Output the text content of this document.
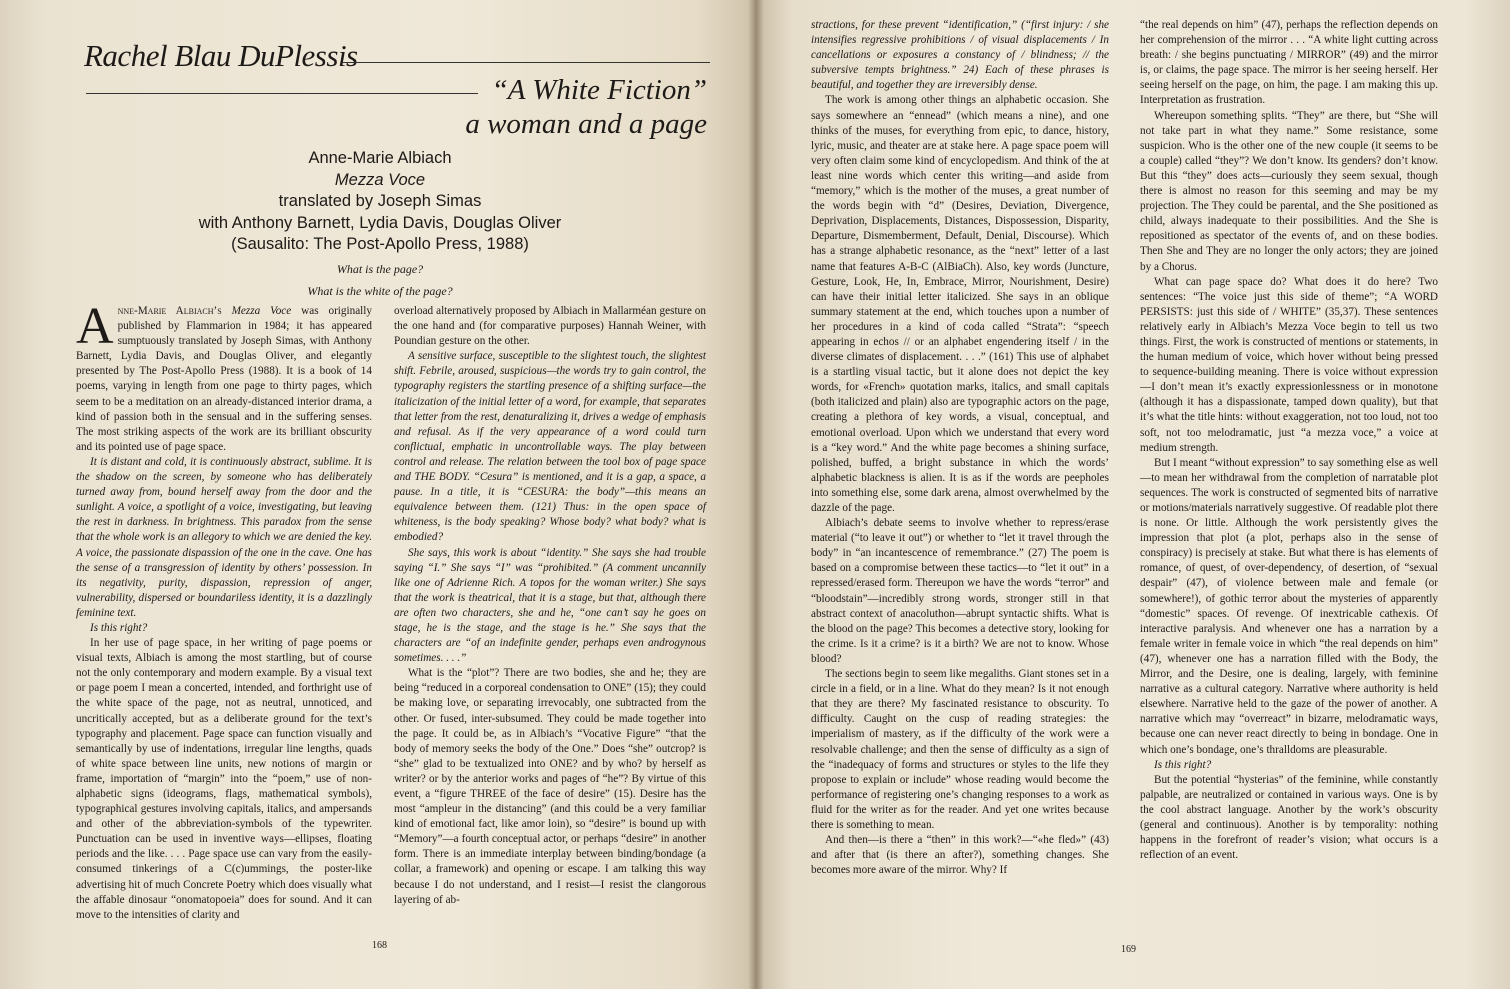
Rachel Blau DuPlessis
“A White Fiction”
a woman and a page
Anne-Marie Albiach
Mezza Voce
translated by Joseph Simas
with Anthony Barnett, Lydia Davis, Douglas Oliver
(Sausalito: The Post-Apollo Press, 1988)
What is the page?
What is the white of the page?

Anne-Marie Albiach’s Mezza Voce was originally published by Flammarion in 1984; it has appeared sumptuously translated by Joseph Simas, with Anthony Barnett, Lydia Davis, and Douglas Oliver, and elegantly presented by The Post-Apollo Press (1988). It is a book of 14 poems, varying in length from one page to thirty pages, which seem to be a meditation on an already-distanced interior drama, a kind of passion both in the sensual and in the suffering senses. The most striking aspects of the work are its brilliant obscurity and its pointed use of page space.

It is distant and cold, it is continuously abstract, sublime. It is the shadow on the screen, by someone who has deliberately turned away from, bound herself away from the door and the sunlight. A voice, a spotlight of a voice, investigating, but leaving the rest in darkness. In brightness. This paradox from the sense that the whole work is an allegory to which we are denied the key. A voice, the passionate dispassion of the one in the cave. One has the sense of a transgression of identity by others’ possession. In its negativity, purity, dispassion, repression of anger, vulnerability, dispersed or boundariless identity, it is a dazzlingly feminine text.

Is this right?

In her use of page space, in her writing of page poems or visual texts, Albiach is among the most startling, but of course not the only contemporary and modern example. By a visual text or page poem I mean a concerted, intended, and forthright use of the white space of the page, not as neutral, unnoticed, and uncritically accepted, but as a deliberate ground for the text’s typography and placement. Page space can function visually and semantically by use of indentations, irregular line lengths, quads of white space between line units, new notions of margin or frame, importation of “margin” into the “poem,” use of non-alphabetic signs (ideograms, flags, mathematical symbols), typographical gestures involving capitals, italics, and ampersands and other of the abbreviation-symbols of the typewriter. Punctuation can be used in inventive ways—ellipses, floating periods and the like. . . . Page space use can vary from the easily-consumed tinkerings of a C(c)ummings, the poster-like advertising hit of much Concrete Poetry which does visually what the affable dinosaur “onomatopoeia” does for sound. And it can move to the intensities of clarity and

overload alternatively proposed by Albiach in Mallarméan gesture on the one hand and (for comparative purposes) Hannah Weiner, with Poundian gesture on the other.

A sensitive surface, susceptible to the slightest touch, the slightest shift. Febrile, aroused, suspicious—the words try to gain control, the typography registers the startling presence of a shifting surface—the italicization of the initial letter of a word, for example, that separates that letter from the rest, denaturalizing it, drives a wedge of emphasis and refusal. As if the very appearance of a word could turn conflictual, emphatic in uncontrollable ways. The play between control and release. The relation between the tool box of page space and THE BODY. “Cesura” is mentioned, and it is a gap, a space, a pause. In a title, it is “CESURA: the body”—this means an equivalence between them. (121) Thus: in the open space of whiteness, is the body speaking? Whose body? what body? what is embodied?

She says, this work is about “identity.” She says she had trouble saying “I.” She says “I” was “prohibited.” (A comment uncannily like one of Adrienne Rich. A topos for the woman writer.) She says that the work is theatrical, that it is a stage, but that, although there are often two characters, she and he, “one can’t say he goes on stage, he is the stage, and the stage is he.” She says that the characters are “of an indefinite gender, perhaps even androgynous sometimes. . . .”

What is the “plot”? There are two bodies, she and he; they are being “reduced in a corporeal condensation to ONE” (15); they could be making love, or separating irrevocably, one subtracted from the other. Or fused, inter-subsumed. They could be made together into the page. It could be, as in Albiach’s “Vocative Figure” “that the body of memory seeks the body of the One.” Does “she” outcrop? is “she” glad to be textualized into ONE? and by who? by herself as writer? or by the anterior works and pages of “he”? By virtue of this event, a “figure THREE of the face of desire” (15). Desire has the most “ampleur in the distancing” (and this could be a very familiar kind of emotional fact, like amor loin), so “desire” is bound up with “Memory”—a fourth conceptual actor, or perhaps “desire” in another form. There is an immediate interplay between binding/bondage (a collar, a framework) and opening or escape. I am talking this way because I do not understand, and I resist—I resist the clangorous layering of ab-

168

stractions, for these prevent “identification,” (“first injury: / she intensifies regressive prohibitions / of visual displacements / In cancellations or exposures a constancy of / blindness; // the subversive tempts brightness.” 24) Each of these phrases is beautiful, and together they are irreversibly dense.

The work is among other things an alphabetic occasion. She says somewhere an “ennead” (which means a nine), and one thinks of the muses, for everything from epic, to dance, history, lyric, music, and theater are at stake here. A page space poem will very often claim some kind of encyclopedism. And think of the at least nine words which center this writing—and aside from “memory,” which is the mother of the muses, a great number of the words begin with “d” (Desires, Deviation, Divergence, Deprivation, Displacements, Distances, Dispossession, Disparity, Departure, Dismemberment, Default, Denial, Discourse). Which has a strange alphabetic resonance, as the “next” letter of a last name that features A-B-C (AlBiaCh). Also, key words (Juncture, Gesture, Look, He, In, Embrace, Mirror, Nourishment, Desire) can have their initial letter italicized. She says in an oblique summary statement at the end, which touches upon a number of her procedures in a kind of coda called “Strata”: “speech appearing in echos // or an alphabet engendering itself / in the diverse climates of displacement. . . .” (161) This use of alphabet is a startling visual tactic, but it alone does not depict the key words, for «French» quotation marks, italics, and small capitals (both italicized and plain) also are typographic actors on the page, creating a plethora of key words, a visual, conceptual, and emotional overload. Upon which we understand that every word is a “key word.” And the white page becomes a shining surface, polished, buffed, a bright substance in which the words’ alphabetic blackness is alien. It is as if the words are peepholes into something else, some dark arena, almost overwhelmed by the dazzle of the page.

Albiach’s debate seems to involve whether to repress/erase material (“to leave it out”) or whether to “let it travel through the body” in “an incantescence of remembrance.” (27) The poem is based on a compromise between these tactics—to “let it out” in a repressed/erased form. Thereupon we have the words “terror” and “bloodstain”—incredibly strong words, stronger still in that abstract context of anacoluthon—abrupt syntactic shifts. What is the blood on the page? This becomes a detective story, looking for the crime. Is it a crime? is it a birth? We are not to know. Whose blood?

The sections begin to seem like megaliths. Giant stones set in a circle in a field, or in a line. What do they mean? Is it not enough that they are there? My fascinated resistance to obscurity. To difficulty. Caught on the cusp of reading strategies: the imperialism of mastery, as if the difficulty of the work were a resolvable challenge; and then the sense of difficulty as a sign of the “inadequacy of forms and structures or styles to the life they propose to explain or include” whose reading would become the performance of registering one’s changing responses to a work as fluid for the writer as for the reader. And yet one writes because there is something to mean.

And then—is there a “then” in this work?—“«he fled»” (43) and after that (is there an after?), something changes. She becomes more aware of the mirror. Why? If

“the real depends on him” (47), perhaps the reflection depends on her comprehension of the mirror . . . “A white light cutting across breath: / she begins punctuating / MIRROR” (49) and the mirror is, or claims, the page space. The mirror is her seeing herself. Her seeing herself on the page, on him, the page. I am making this up. Interpretation as frustration.

Whereupon something splits. “They” are there, but “She will not take part in what they name.” Some resistance, some suspicion. Who is the other one of the new couple (it seems to be a couple) called “they”? We don’t know. Its genders? don’t know. But this “they” does acts—curiously they seem sexual, though there is almost no reason for this seeming and may be my projection. The They could be parental, and the She positioned as child, always inadequate to their possibilities. And the She is repositioned as spectator of the events of, and on these bodies. Then She and They are no longer the only actors; they are joined by a Chorus.

What can page space do? What does it do here? Two sentences: “The voice just this side of theme”; “A WORD PERSISTS: just this side of / WHITE” (35,37). These sentences relatively early in Albiach’s Mezza Voce begin to tell us two things. First, the work is constructed of mentions or statements, in the human medium of voice, which hover without being pressed to sequence-building meaning. There is voice without expression—I don’t mean it’s exactly expressionlessness or in monotone (although it has a dispassionate, tamped down quality), but that it’s what the title hints: without exaggeration, not too loud, not too soft, not too melodramatic, just “a mezza voce,” a voice at medium strength.

But I meant “without expression” to say something else as well—to mean her withdrawal from the completion of narratable plot sequences. The work is constructed of segmented bits of narrative or motions/materials narratively suggestive. Of readable plot there is none. Or little. Although the work persistently gives the impression that plot (a plot, perhaps also in the sense of conspiracy) is precisely at stake. But what there is has elements of romance, of quest, of over-dependency, of desertion, of “sexual despair” (47), of violence between male and female (or somewhere!), of gothic terror about the mysteries of apparently “domestic” spaces. Of revenge. Of inextricable cathexis. Of interactive paralysis. And whenever one has a narration by a female writer in female voice in which “the real depends on him” (47), whenever one has a narration filled with the Body, the Mirror, and the Desire, one is dealing, largely, with feminine narrative as a cultural category. Narrative where authority is held elsewhere. Narrative held to the gaze of the power of another. A narrative which may “overreact” in bizarre, melodramatic ways, because one can never react directly to being in bondage. One in which one’s bondage, one’s thralldoms are pleasurable.

Is this right?

But the potential “hysterias” of the feminine, while constantly palpable, are neutralized or contained in various ways. One is by the cool abstract language. Another by the work’s obscurity (general and continuous). Another is by temporality: nothing happens in the forefront of reader’s vision; what occurs is a reflection of an event.

169
